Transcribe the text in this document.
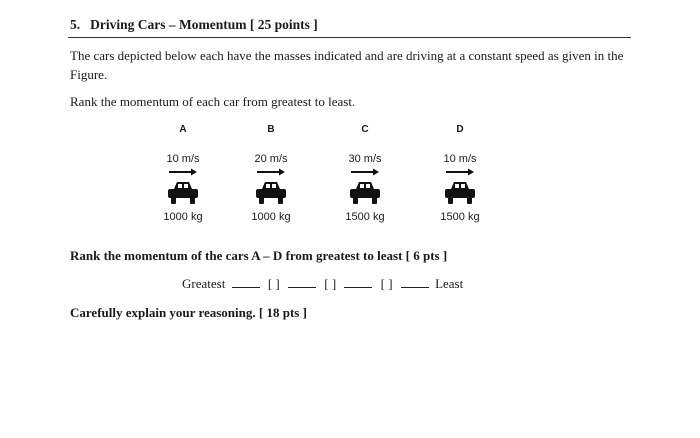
5. Driving Cars – Momentum [ 25 points ]
The cars depicted below each have the masses indicated and are driving at a constant speed as given in the Figure.
Rank the momentum of each car from greatest to least.
A
10 m/s
1000 kg
B
20 m/s
1000 kg
C
30 m/s
1500 kg
D
10 m/s
1500 kg
Rank the momentum of the cars A – D from greatest to least [ 6 pts ]
Greatest	[ ]	[ ]	[ ]	Least
Carefully explain your reasoning. [ 18 pts ]
